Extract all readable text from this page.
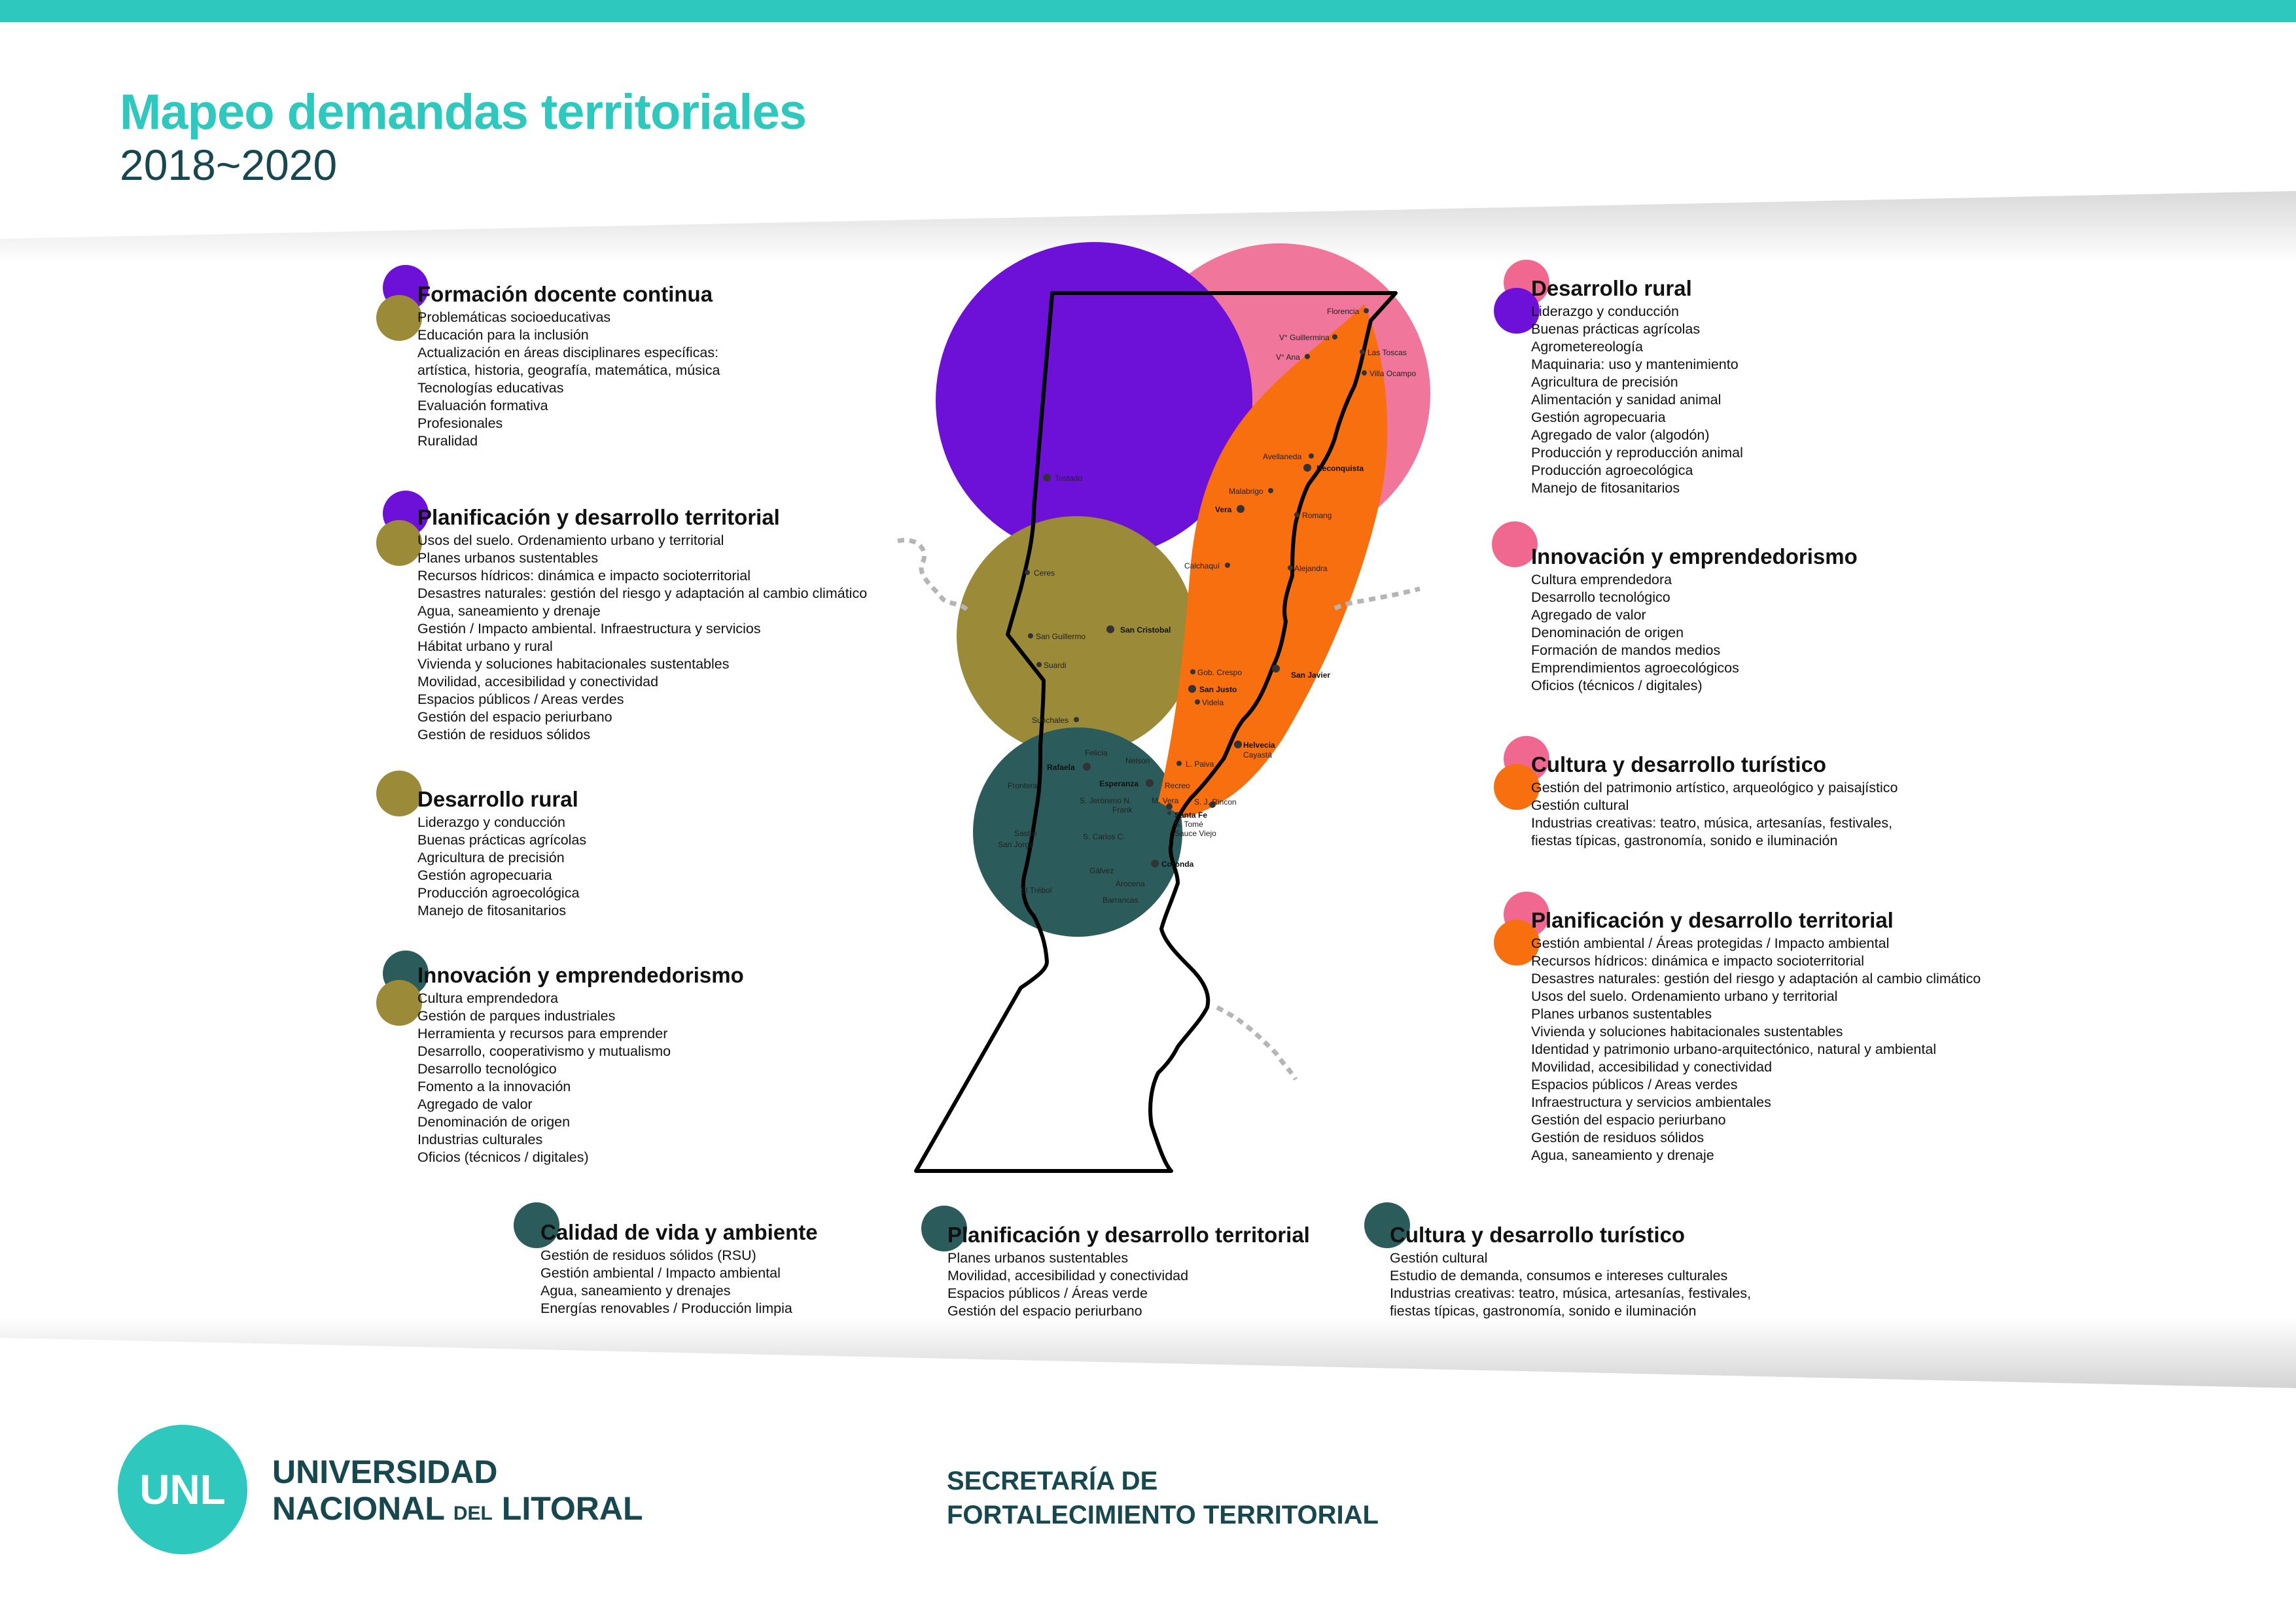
Mapeo demandas territoriales
2018~2020
Florencia
V° Guillermina
V° Ana	Las Toscas
Villa Ocampo
Avellaneda
Reconquista
Malabrigo
Vera
Romang
Calchaquí	Alejandra
Ceres
San Cristobal
San Guillermo
Suardi
Gob. Crespo
San Justo
San Javier
Videla
Sunchales
Helvecia
Cayastá
Felicia
Rafaela
Nelson	L. Paiva
Frontera	Esperanza	Recreo
S. Jerónimo N.	M. Vera S. J. Rincon
Frank
Santa Fe
S. Tomé
Sauce Viejo
Sastre
San Jorge
S. Carlos C.
Coronda
Gálvez
Arocena
El Trébol
Barrancas
Tostado
Formación docente continua
Problemáticas socioeducativas
Educación para la inclusión
Actualización en áreas disciplinares específicas:
artística, historia, geografía, matemática, música
Tecnologías educativas
Evaluación formativa
Profesionales
Ruralidad
Planificación y desarrollo territorial
Usos del suelo. Ordenamiento urbano y territorial
Planes urbanos sustentables
Recursos hídricos: dinámica e impacto socioterritorial
Desastres naturales: gestión del riesgo y adaptación al cambio climático
Agua, saneamiento y drenaje
Gestión / Impacto ambiental. Infraestructura y servicios
Hábitat urbano y rural
Vivienda y soluciones habitacionales sustentables
Movilidad, accesibilidad y conectividad
Espacios públicos / Areas verdes
Gestión del espacio periurbano
Gestión de residuos sólidos
Desarrollo rural
Liderazgo y conducción
Buenas prácticas agrícolas
Agricultura de precisión
Gestión agropecuaria
Producción agroecológica
Manejo de fitosanitarios
Innovación y emprendedorismo
Cultura emprendedora
Gestión de parques industriales
Herramienta y recursos para emprender
Desarrollo, cooperativismo y mutualismo
Desarrollo tecnológico
Fomento a la innovación
Agregado de valor
Denominación de origen
Industrias culturales
Oficios (técnicos / digitales)
Desarrollo rural
Liderazgo y conducción
Buenas prácticas agrícolas
Agrometereología
Maquinaria: uso y mantenimiento
Agricultura de precisión
Alimentación y sanidad animal
Gestión agropecuaria
Agregado de valor (algodón)
Producción y reproducción animal
Producción agroecológica
Manejo de fitosanitarios
Innovación y emprendedorismo
Cultura emprendedora
Desarrollo tecnológico
Agregado de valor
Denominación de origen
Formación de mandos medios
Emprendimientos agroecológicos
Oficios (técnicos / digitales)
Cultura y desarrollo turístico
Gestión del patrimonio artístico, arqueológico y paisajístico
Gestión cultural
Industrias creativas: teatro, música, artesanías, festivales,
fiestas típicas, gastronomía, sonido e iluminación
Planificación y desarrollo territorial
Gestión ambiental / Áreas protegidas / Impacto ambiental
Recursos hídricos: dinámica e impacto socioterritorial
Desastres naturales: gestión del riesgo y adaptación al cambio climático
Usos del suelo. Ordenamiento urbano y territorial
Planes urbanos sustentables
Vivienda y soluciones habitacionales sustentables
Identidad y patrimonio urbano-arquitectónico, natural y ambiental
Movilidad, accesibilidad y conectividad
Espacios públicos / Areas verdes
Infraestructura y servicios ambientales
Gestión del espacio periurbano
Gestión de residuos sólidos
Agua, saneamiento y drenaje
Calidad de vida y ambiente
Gestión de residuos sólidos (RSU)
Gestión ambiental / Impacto ambiental
Agua, saneamiento y drenajes
Energías renovables / Producción limpia
Planificación y desarrollo territorial
Planes urbanos sustentables
Movilidad, accesibilidad y conectividad
Espacios públicos / Áreas verde
Gestión del espacio periurbano
Cultura y desarrollo turístico
Gestión cultural
Estudio de demanda, consumos e intereses culturales
Industrias creativas: teatro, música, artesanías, festivales,
fiestas típicas, gastronomía, sonido e iluminación
UNL UNIVERSIDAD
NACIONAL DEL LITORAL
SECRETARÍA DE
FORTALECIMIENTO TERRITORIAL
